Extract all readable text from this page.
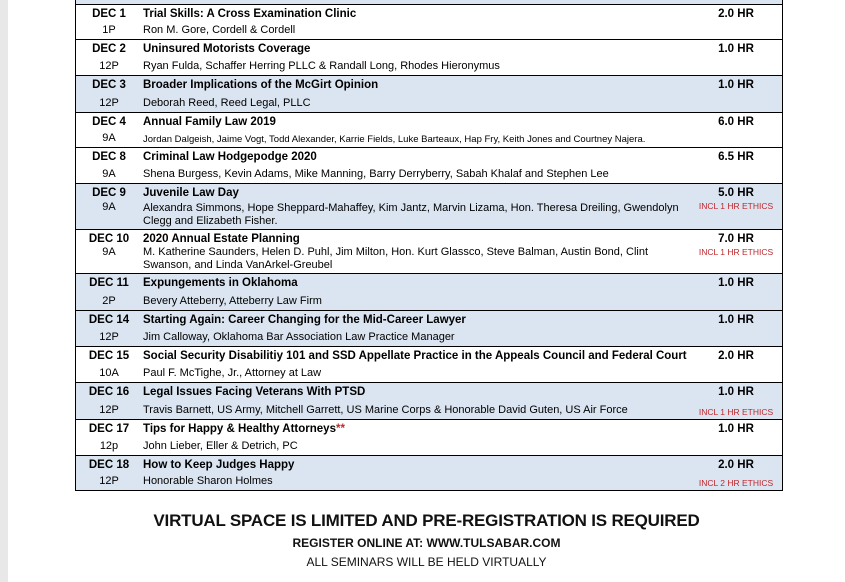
DEC 1
1P
Trial Skills: A Cross Examination Clinic
Ron M. Gore, Cordell & Cordell
2.0 HR
DEC 2
12P
Uninsured Motorists Coverage
Ryan Fulda, Schaffer Herring PLLC & Randall Long, Rhodes Hieronymus
1.0 HR
DEC 3
12P
Broader Implications of the McGirt Opinion
Deborah Reed, Reed Legal, PLLC
1.0 HR
DEC 4
9A
Annual Family Law 2019
Jordan Dalgeish, Jaime Vogt, Todd Alexander, Karrie Fields, Luke Barteaux, Hap Fry, Keith Jones and Courtney Najera.
6.0 HR
DEC 8
9A
Criminal Law Hodgepodge 2020
Shena Burgess, Kevin Adams, Mike Manning, Barry Derryberry, Sabah Khalaf and Stephen Lee
6.5 HR
DEC 9
9A
Juvenile Law Day
Alexandra Simmons, Hope Sheppard-Mahaffey, Kim Jantz, Marvin Lizama, Hon. Theresa Dreiling, Gwendolyn Clegg and Elizabeth Fisher.
5.0 HR
INCL 1 HR ETHICS
DEC 10
9A
2020 Annual Estate Planning
M. Katherine Saunders, Helen D. Puhl, Jim Milton, Hon. Kurt Glassco, Steve Balman, Austin Bond, Clint Swanson, and Linda VanArkel-Greubel
7.0 HR
INCL 1 HR ETHICS
DEC 11
2P
Expungements in Oklahoma
Bevery Atteberry, Atteberry Law Firm
1.0 HR
DEC 14
12P
Starting Again: Career Changing for the Mid-Career Lawyer
Jim Calloway, Oklahoma Bar Association Law Practice Manager
1.0 HR
DEC 15
10A
Social Security Disabilitiy 101 and SSD Appellate Practice in the Appeals Council and Federal Court
Paul F. McTighe, Jr., Attorney at Law
2.0 HR
DEC 16
12P
Legal Issues Facing Veterans With PTSD
Travis Barnett, US Army, Mitchell Garrett, US Marine Corps & Honorable David Guten, US Air Force
1.0 HR
INCL 1 HR ETHICS
DEC 17
12p
Tips for Happy & Healthy Attorneys**
John Lieber, Eller & Detrich, PC
1.0 HR
DEC 18
12P
How to Keep Judges Happy
Honorable Sharon Holmes
2.0 HR
INCL 2 HR ETHICS
VIRTUAL SPACE IS LIMITED AND PRE-REGISTRATION IS REQUIRED
REGISTER ONLINE AT: WWW.TULSABAR.COM
ALL SEMINARS WILL BE HELD VIRTUALLY
